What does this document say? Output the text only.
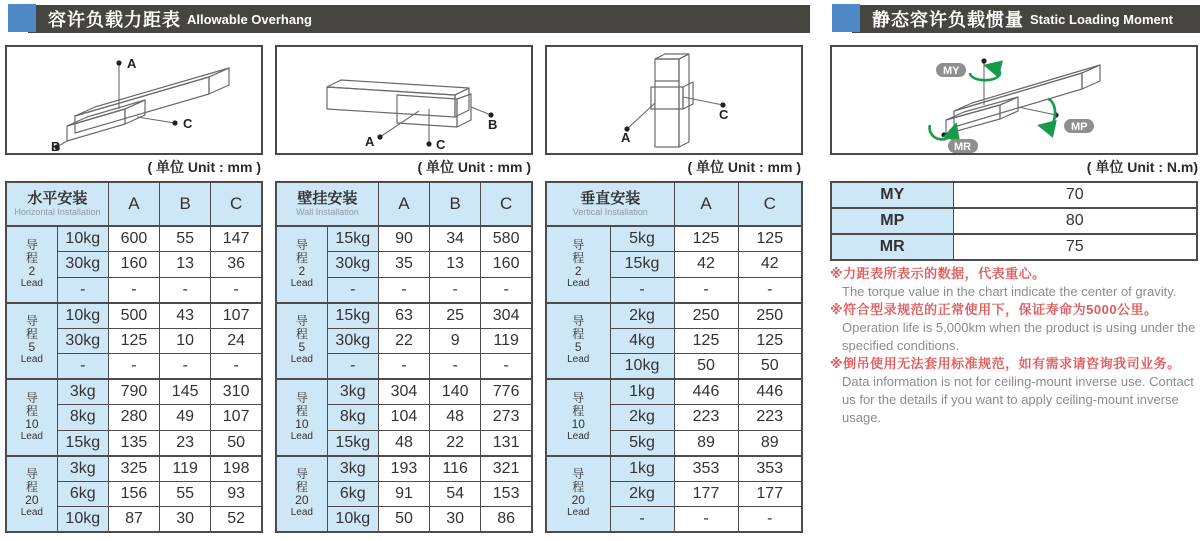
容许负载力距表 Allowable Overhang	静态容许负载惯量 Static Loading Moment
A
B
C
( 单位 Unit : mm )
水平安装
Horizontal Installation		A	B	C

导
程
2
Lead	10kg	600	55	147
	30kg	160	13	36
	-	-	-	-

导
程
5
Lead	10kg	500	43	107
	30kg	125	10	24
	-	-	-	-

导
程
10
Lead	3kg	790	145	310
	8kg	280	49	107
	15kg	135	23	50

导
程
20
Lead	3kg	325	119	198
	6kg	156	55	93
	10kg	87	30	52
A
B
C
( 单位 Unit : mm )
壁挂安装
Wall Installation		A	B	C

导
程
2
Lead	15kg	90	34	580
	30kg	35	13	160
	-	-	-	-

导
程
5
Lead	15kg	63	25	304
	30kg	22	9	119
	-	-	-	-

导
程
10
Lead	3kg	304	140	776
	8kg	104	48	273
	15kg	48	22	131

导
程
20
Lead	3kg	193	116	321
	6kg	91	54	153
	10kg	50	30	86
A
C
( 单位 Unit : mm )
垂直安装
Vertical Installation		A	C

导
程
2
Lead	5kg	125	125
	15kg	42	42
	-	-	-

导
程
5
Lead	2kg	250	250
	4kg	125	125
	10kg	50	50

导
程
10
Lead	1kg	446	446
	2kg	223	223
	5kg	89	89

导
程
20
Lead	1kg	353	353
	2kg	177	177
	-	-	-
MY
MP
MR
( 单位 Unit : N.m)
MY	70
MP	80
MR	75
※力距表所表示的数据，代表重心。
The torque value in the chart indicate the center of gravity.
※符合型录规范的正常使用下，保证寿命为5000公里。
Operation life is 5,000km when the product is using under the specified conditions.
※倒吊使用无法套用标准规范，如有需求请咨询我司业务。
Data information is not for ceiling-mount inverse use. Contact us for the details if you want to apply ceiling-mount inverse usage.
